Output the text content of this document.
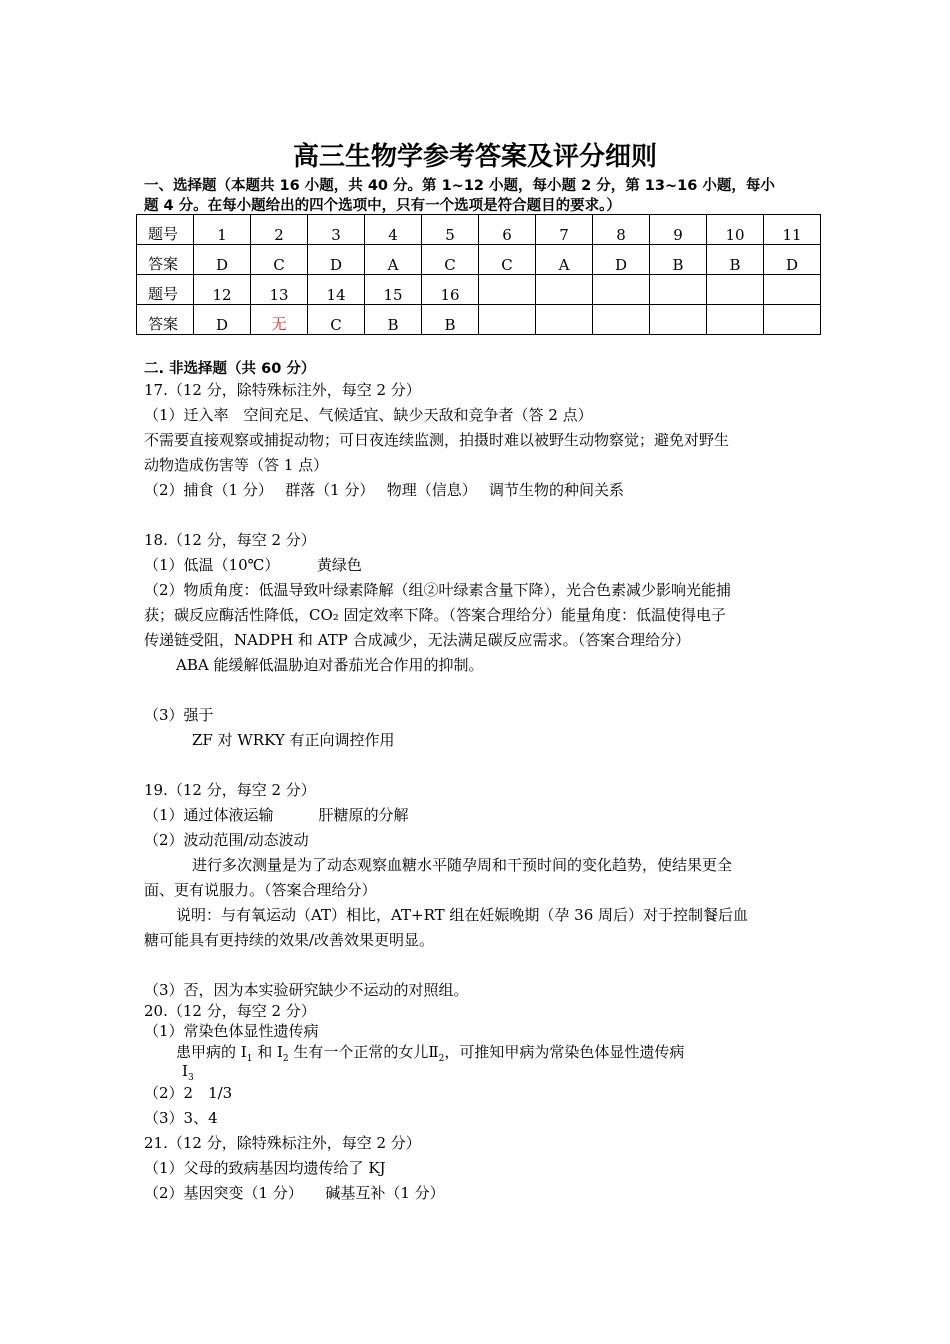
高三生物学参考答案及评分细则
一、选择题（本题共 16 小题，共 40 分。第 1~12 小题，每小题 2 分，第 13~16 小题，每小
题 4 分。在每小题给出的四个选项中，只有一个选项是符合题目的要求。）
题号	1	2	3	4	5	6	7	8	9	10	11
答案	D	C	D	A	C	C	A	D	B	B	D
题号	12	13	14	15	16						
答案	D	无	C	B	B						
二. 非选择题（共 60 分）
17.（12 分，除特殊标注外，每空 2 分）
（1）迁入率　空间充足、气候适宜、缺少天敌和竞争者（答 2 点）
不需要直接观察或捕捉动物；可日夜连续监测，拍摄时难以被野生动物察觉；避免对野生
动物造成伤害等（答 1 点）
（2）捕食（1 分）　 群落（1 分）　 物理（信息）　 调节生物的种间关系
18.（12 分，每空 2 分）
（1）低温（10℃）　　　黄绿色
（2）物质角度：低温导致叶绿素降解（组②叶绿素含量下降），光合色素减少影响光能捕
获；碳反应酶活性降低，CO₂ 固定效率下降。（答案合理给分）能量角度：低温使得电子
传递链受阻，NADPH 和 ATP 合成减少，无法满足碳反应需求。（答案合理给分）
ABA 能缓解低温胁迫对番茄光合作用的抑制。
（3）强于
ZF 对 WRKY 有正向调控作用
19.（12 分，每空 2 分）
（1）通过体液运输　　　肝糖原的分解
（2）波动范围/动态波动
进行多次测量是为了动态观察血糖水平随孕周和干预时间的变化趋势，使结果更全
面、更有说服力。（答案合理给分）
说明：与有氧运动（AT）相比，AT+RT 组在妊娠晚期（孕 36 周后）对于控制餐后血
糖可能具有更持续的效果/改善效果更明显。
（3）否，因为本实验研究缺少不运动的对照组。
20.（12 分，每空 2 分）
（1）常染色体显性遗传病
患甲病的 $I_1$ 和 $I_2$ 生有一个正常的女儿$Ⅱ_2$，可推知甲病为常染色体显性遗传病
$Ⅰ_3$
（2）2　1/3
（3）3、4
21.（12 分，除特殊标注外，每空 2 分）
（1）父母的致病基因均遗传给了 KJ
（2）基因突变（1 分）　　碱基互补（1 分）
